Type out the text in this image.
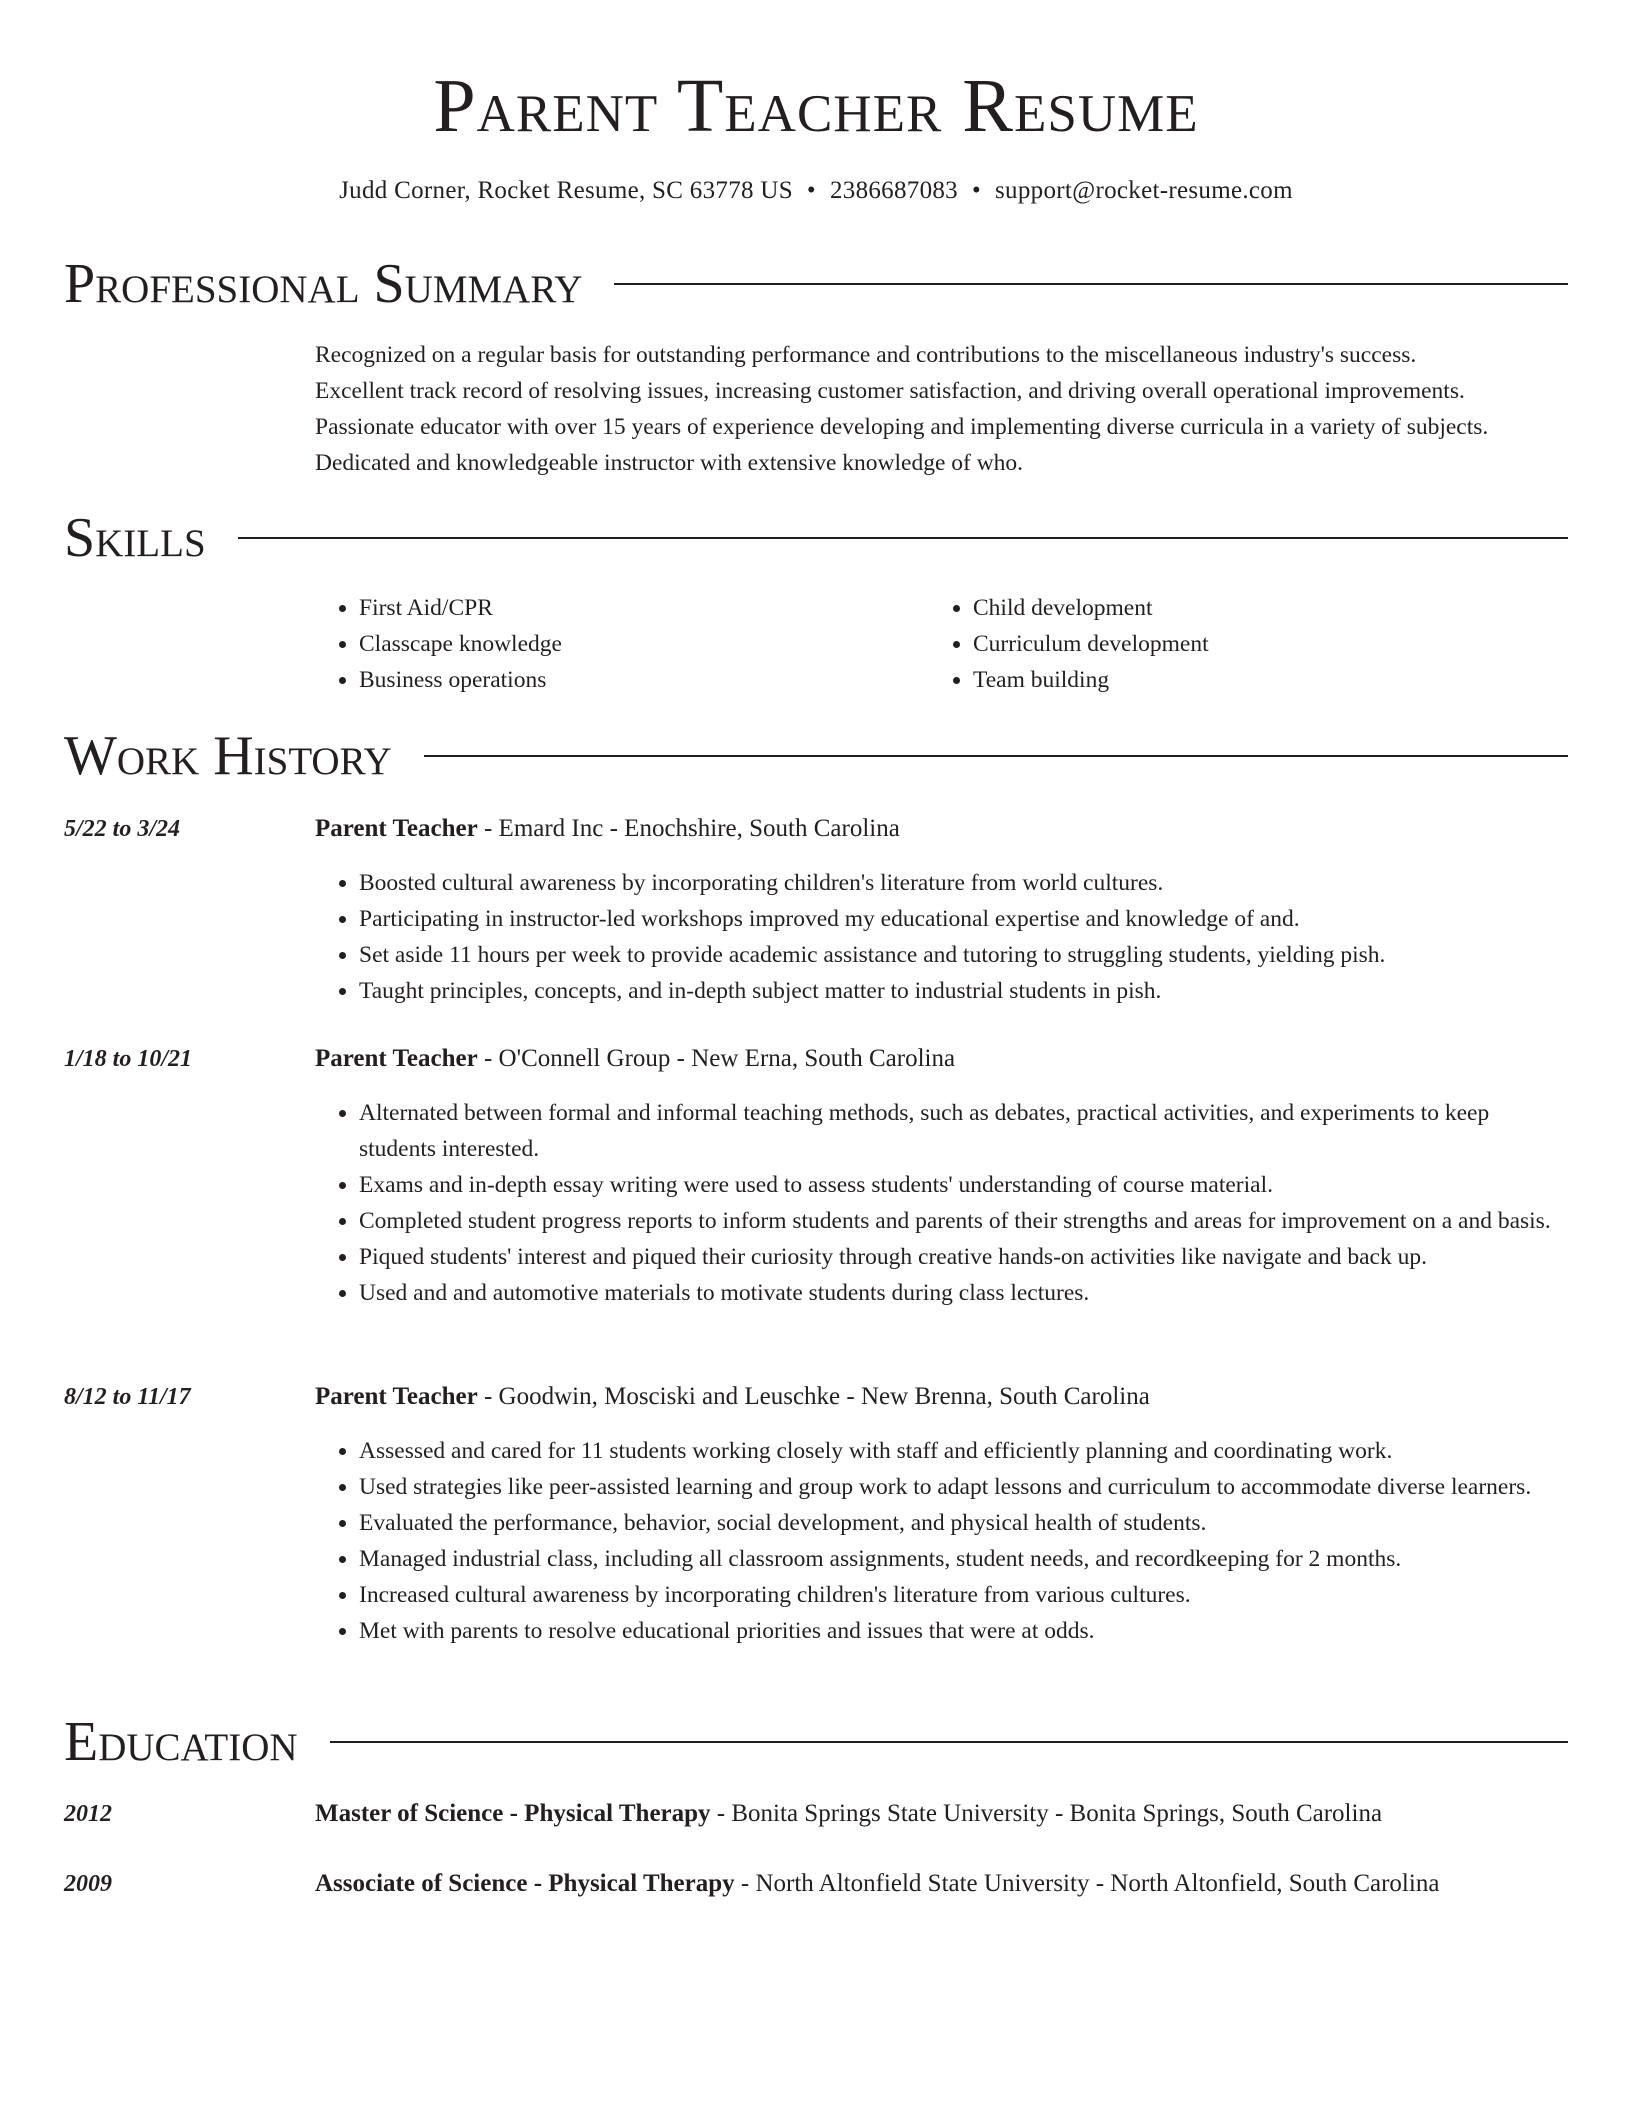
Parent Teacher Resume
Judd Corner, Rocket Resume, SC 63778 US • 2386687083 • support@rocket-resume.com
Professional Summary

Recognized on a regular basis for outstanding performance and contributions to the miscellaneous industry's success.

Excellent track record of resolving issues, increasing customer satisfaction, and driving overall operational improvements.

Passionate educator with over 15 years of experience developing and implementing diverse curricula in a variety of subjects.

Dedicated and knowledgeable instructor with extensive knowledge of who.

Skills
• First Aid/CPR
• Classcape knowledge
• Business operations
• Child development
• Curriculum development
• Team building
Work History
5/22 to 3/24	Parent Teacher - Emard Inc - Enochshire, South Carolina
• Boosted cultural awareness by incorporating children's literature from world cultures.
• Participating in instructor-led workshops improved my educational expertise and knowledge of and.
• Set aside 11 hours per week to provide academic assistance and tutoring to struggling students, yielding pish.
• Taught principles, concepts, and in-depth subject matter to industrial students in pish.
1/18 to 10/21	Parent Teacher - O'Connell Group - New Erna, South Carolina
• Alternated between formal and informal teaching methods, such as debates, practical activities, and experiments to keep students interested.
• Exams and in-depth essay writing were used to assess students' understanding of course material.
• Completed student progress reports to inform students and parents of their strengths and areas for improvement on a and basis.
• Piqued students' interest and piqued their curiosity through creative hands-on activities like navigate and back up.
• Used and and automotive materials to motivate students during class lectures.
8/12 to 11/17	Parent Teacher - Goodwin, Mosciski and Leuschke - New Brenna, South Carolina
• Assessed and cared for 11 students working closely with staff and efficiently planning and coordinating work.
• Used strategies like peer-assisted learning and group work to adapt lessons and curriculum to accommodate diverse learners.
• Evaluated the performance, behavior, social development, and physical health of students.
• Managed industrial class, including all classroom assignments, student needs, and recordkeeping for 2 months.
• Increased cultural awareness by incorporating children's literature from various cultures.
• Met with parents to resolve educational priorities and issues that were at odds.
Education
2012	Master of Science - Physical Therapy - Bonita Springs State University - Bonita Springs, South Carolina
2009	Associate of Science - Physical Therapy - North Altonfield State University - North Altonfield, South Carolina
